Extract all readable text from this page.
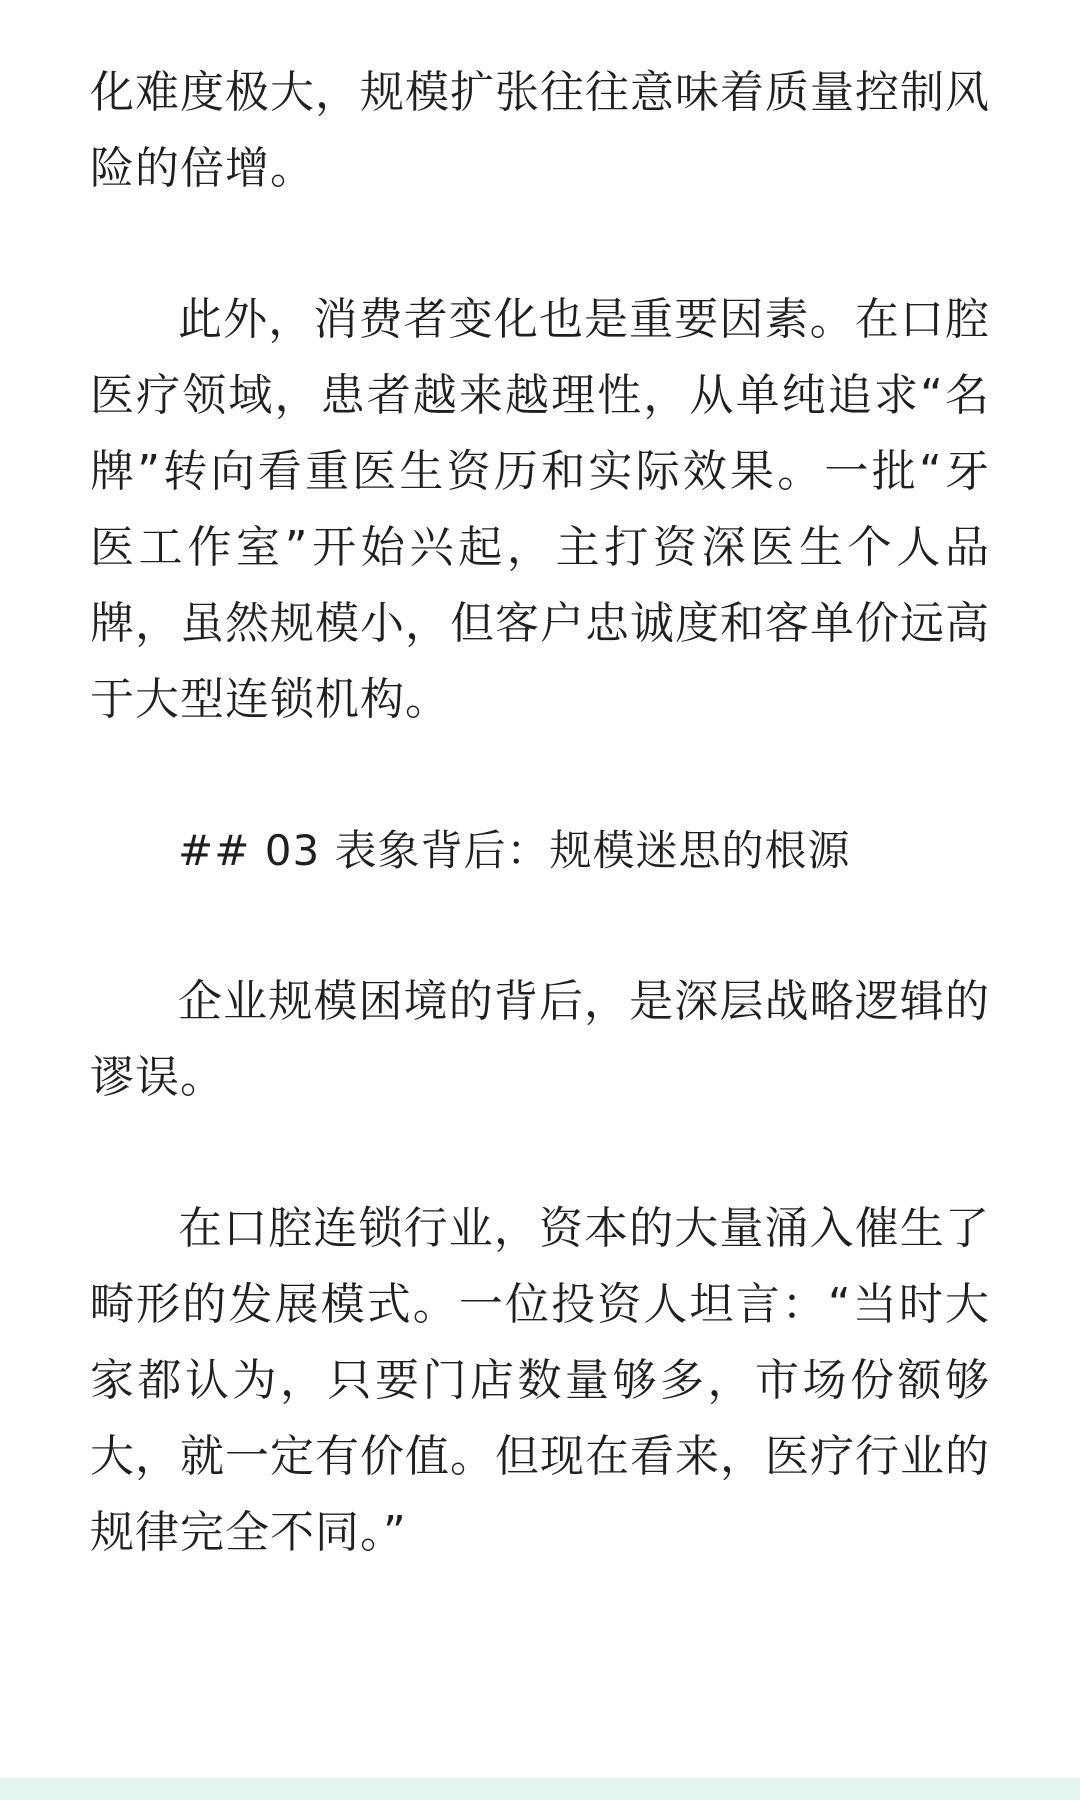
化难度极大，规模扩张往往意味着质量控制风险的倍增。

此外，消费者变化也是重要因素。在口腔医疗领域，患者越来越理性，从单纯追求“名牌”转向看重医生资历和实际效果。一批“牙医工作室”开始兴起，主打资深医生个人品牌，虽然规模小，但客户忠诚度和客单价远高于大型连锁机构。

## 03 表象背后：规模迷思的根源

企业规模困境的背后，是深层战略逻辑的谬误。

在口腔连锁行业，资本的大量涌入催生了畸形的发展模式。一位投资人坦言：“当时大家都认为，只要门店数量够多，市场份额够大，就一定有价值。但现在看来，医疗行业的规律完全不同。”
